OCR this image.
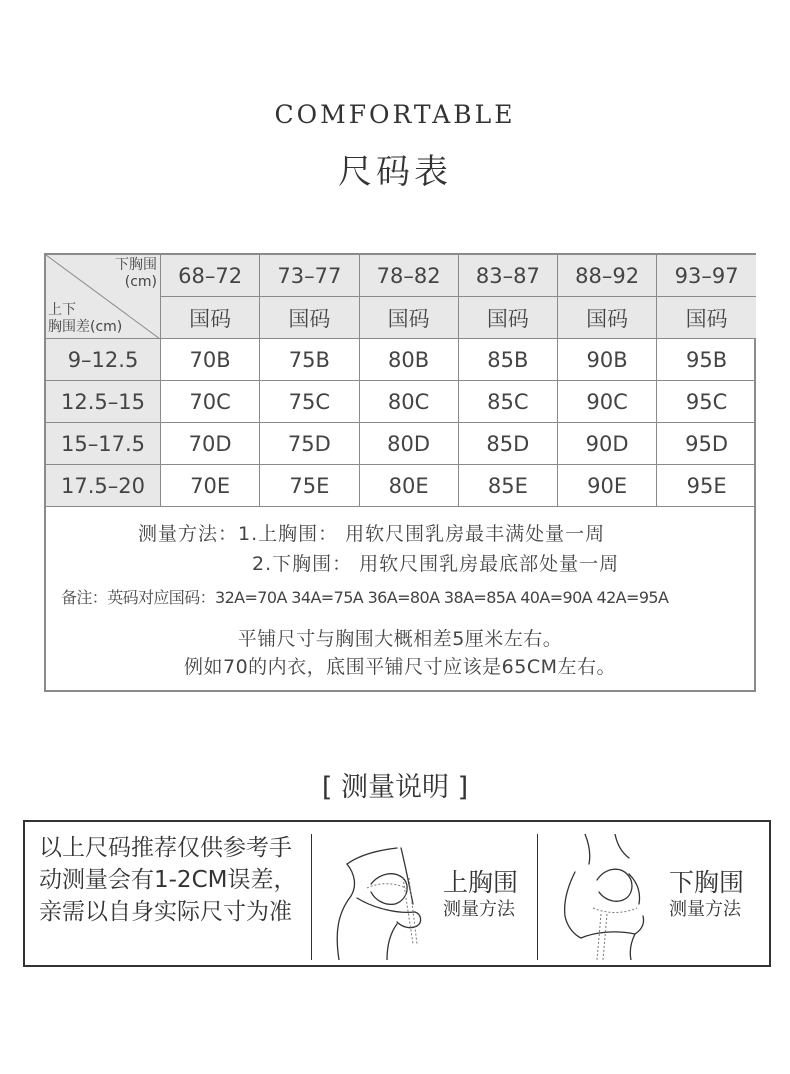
COMFORTABLE
尺码表
下胸围
(cm)
上下
胸围差(cm)	68–72	73–77	78–82	83–87	88–92	93–97
	国码	国码	国码	国码	国码	国码
9–12.5	70B	75B	80B	85B	90B	95B
12.5–15	70C	75C	80C	85C	90C	95C
15–17.5	70D	75D	80D	85D	90D	95D
17.5–20	70E	75E	80E	85E	90E	95E
测量方法：1.上胸围： 用软尺围乳房最丰满处量一周
2.下胸围： 用软尺围乳房最底部处量一周
备注：英码对应国码：32A=70A 34A=75A 36A=80A 38A=85A 40A=90A 42A=95A
平铺尺寸与胸围大概相差5厘米左右。
例如70的内衣，底围平铺尺寸应该是65CM左右。
[ 测量说明 ]
以上尺码推荐仅供参考手动测量会有1-2CM误差，亲需以自身实际尺寸为准
上胸围
测量方法
下胸围
测量方法
